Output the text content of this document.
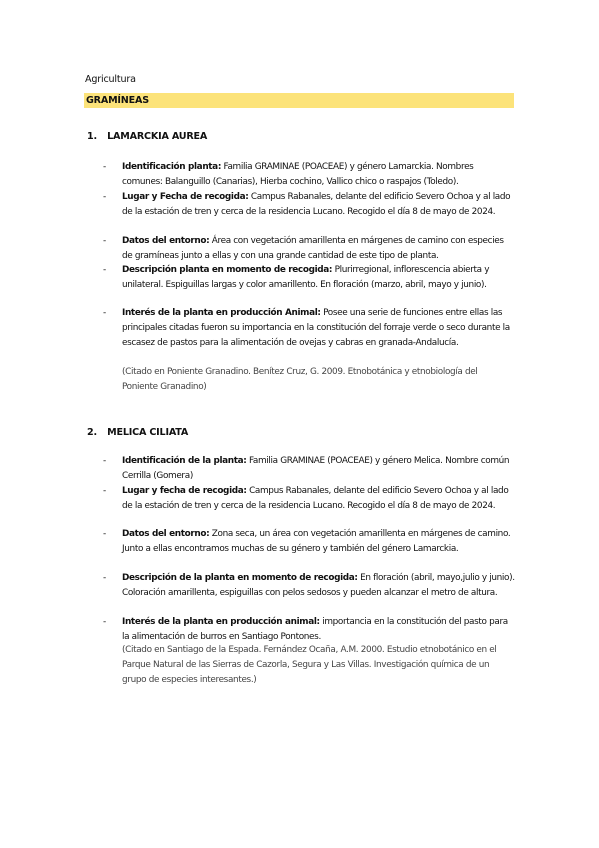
Agricultura
GRAMÍNEAS
1. LAMARCKIA AUREA
- Identificación planta: Familia GRAMINAE (POACEAE) y género Lamarckia. Nombres comunes: Balanguillo (Canarias), Hierba cochino, Vallico chico o raspajos (Toledo).
- Lugar y Fecha de recogida: Campus Rabanales, delante del edificio Severo Ochoa y al lado de la estación de tren y cerca de la residencia Lucano. Recogido el día 8 de mayo de 2024.
- Datos del entorno: Área con vegetación amarillenta en márgenes de camino con especies de gramíneas junto a ellas y con una grande cantidad de este tipo de planta.
- Descripción planta en momento de recogida: Plurirregional, inflorescencia abierta y unilateral. Espiguillas largas y color amarillento. En floración (marzo, abril, mayo y junio).
- Interés de la planta en producción Animal: Posee una serie de funciones entre ellas las principales citadas fueron su importancia en la constitución del forraje verde o seco durante la escasez de pastos para la alimentación de ovejas y cabras en granada-Andalucía.
(Citado en Poniente Granadino. Benítez Cruz, G. 2009. Etnobotánica y etnobiología del Poniente Granadino)
2. MELICA CILIATA
- Identificación de la planta: Familia GRAMINAE (POACEAE) y género Melica. Nombre común Cerrilla (Gomera)
- Lugar y fecha de recogida: Campus Rabanales, delante del edificio Severo Ochoa y al lado de la estación de tren y cerca de la residencia Lucano. Recogido el día 8 de mayo de 2024.
- Datos del entorno: Zona seca, un área con vegetación amarillenta en márgenes de camino. Junto a ellas encontramos muchas de su género y también del género Lamarckia.
- Descripción de la planta en momento de recogida: En floración (abril, mayo,julio y junio). Coloración amarillenta, espiguillas con pelos sedosos y pueden alcanzar el metro de altura.
- Interés de la planta en producción animal: importancia en la constitución del pasto para la alimentación de burros en Santiago Pontones.
(Citado en Santiago de la Espada. Fernández Ocaña, A.M. 2000. Estudio etnobotánico en el Parque Natural de las Sierras de Cazorla, Segura y Las Villas. Investigación química de un grupo de especies interesantes.)
